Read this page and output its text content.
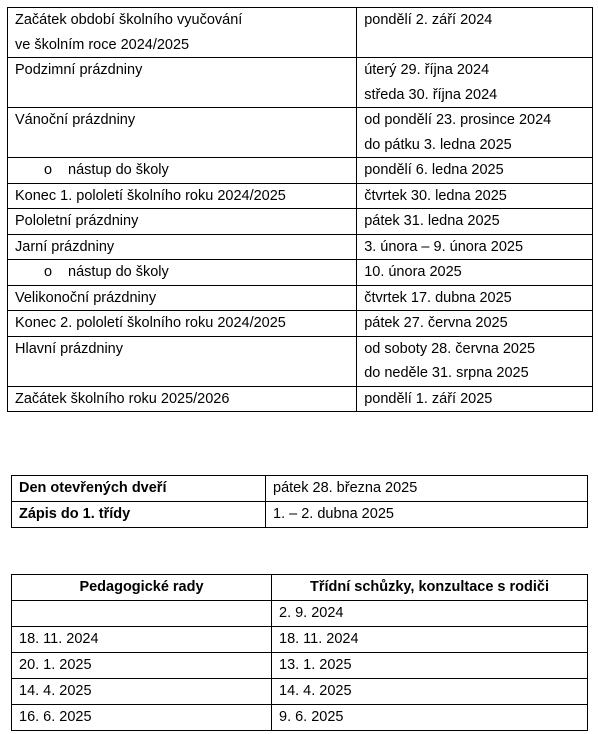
Začátek období školního vyučování
ve školním roce 2024/2025	pondělí 2. září 2024

Podzimní prázdniny	úterý 29. října 2024
středa 30. října 2024

Vánoční prázdniny	od pondělí 23. prosince 2024
do pátku 3. ledna 2025

o nástup do školy	pondělí 6. ledna 2025

Konec 1. pololetí školního roku 2024/2025	čtvrtek 30. ledna 2025

Pololetní prázdniny	pátek 31. ledna 2025

Jarní prázdniny	3. února – 9. února 2025

o nástup do školy	10. února 2025

Velikonoční prázdniny	čtvrtek 17. dubna 2025

Konec 2. pololetí školního roku 2024/2025	pátek 27. června 2025

Hlavní prázdniny	od soboty 28. června 2025
do neděle 31. srpna 2025

Začátek školního roku 2025/2026	pondělí 1. září 2025
Den otevřených dveří	pátek 28. března 2025
Zápis do 1. třídy	1. – 2. dubna 2025
Pedagogické rady	Třídní schůzky, konzultace s rodiči
	2. 9. 2024
18. 11. 2024	18. 11. 2024
20. 1. 2025	13. 1. 2025
14. 4. 2025	14. 4. 2025
16. 6. 2025	9. 6. 2025
